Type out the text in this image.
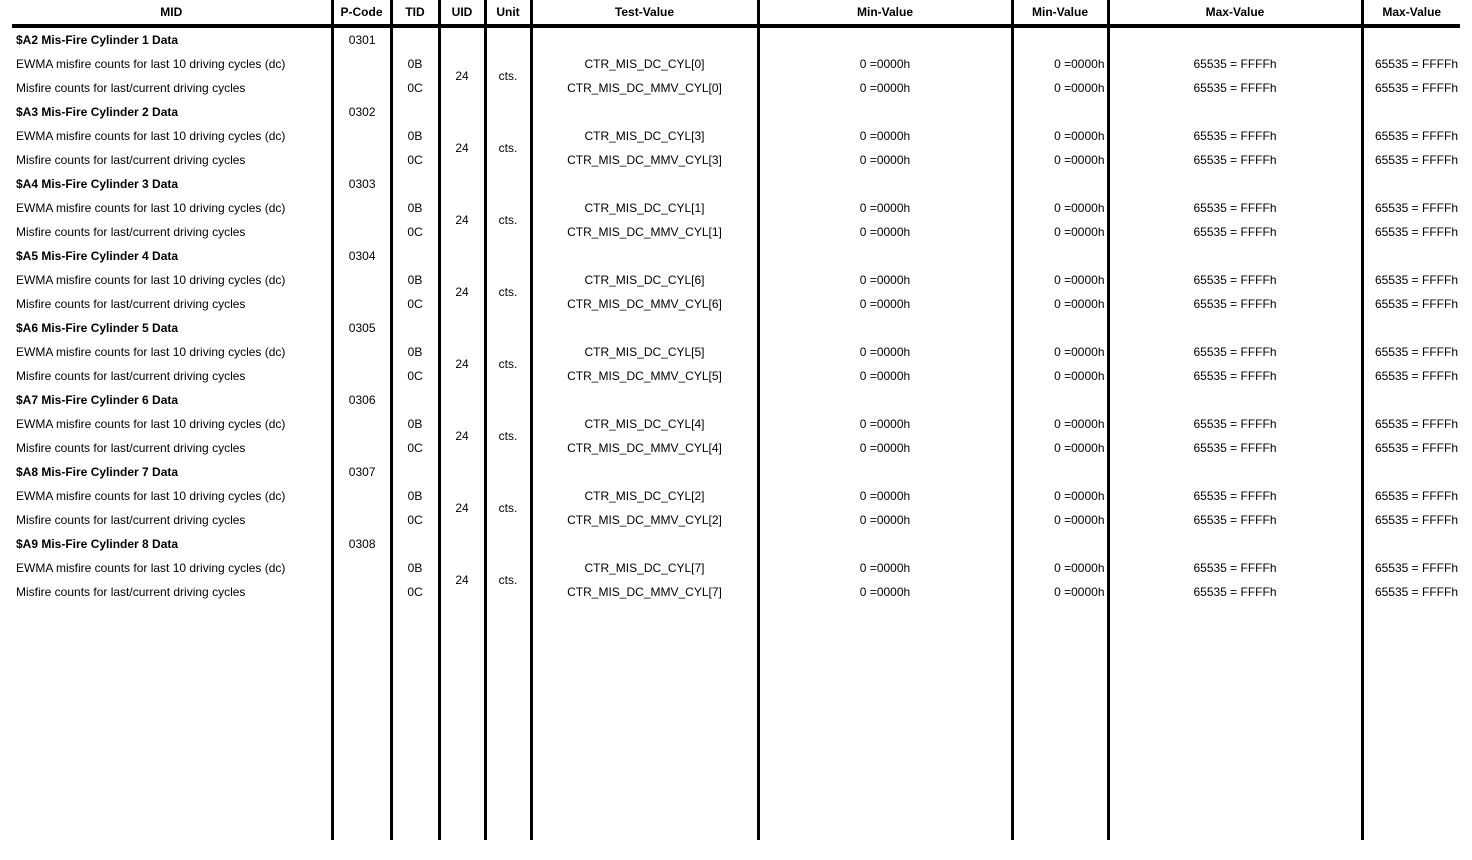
MID	P-Code	TID	UID	Unit	Test-Value	Min-Value	Min-Value	Max-Value	Max-Value
$A2 Mis-Fire Cylinder 1 Data	0301								
EWMA misfire counts for last 10 driving cycles (dc)		0B	24	cts.	CTR_MIS_DC_CYL[0]	0 =0000h	0 =0000h	65535 = FFFFh	65535 = FFFFh
Misfire counts for last/current driving cycles		0C			CTR_MIS_DC_MMV_CYL[0]	0 =0000h	0 =0000h	65535 = FFFFh	65535 = FFFFh
$A3 Mis-Fire Cylinder 2 Data	0302								
EWMA misfire counts for last 10 driving cycles (dc)		0B	24	cts.	CTR_MIS_DC_CYL[3]	0 =0000h	0 =0000h	65535 = FFFFh	65535 = FFFFh
Misfire counts for last/current driving cycles		0C			CTR_MIS_DC_MMV_CYL[3]	0 =0000h	0 =0000h	65535 = FFFFh	65535 = FFFFh
$A4 Mis-Fire Cylinder 3 Data	0303								
EWMA misfire counts for last 10 driving cycles (dc)		0B	24	cts.	CTR_MIS_DC_CYL[1]	0 =0000h	0 =0000h	65535 = FFFFh	65535 = FFFFh
Misfire counts for last/current driving cycles		0C			CTR_MIS_DC_MMV_CYL[1]	0 =0000h	0 =0000h	65535 = FFFFh	65535 = FFFFh
$A5 Mis-Fire Cylinder 4 Data	0304								
EWMA misfire counts for last 10 driving cycles (dc)		0B	24	cts.	CTR_MIS_DC_CYL[6]	0 =0000h	0 =0000h	65535 = FFFFh	65535 = FFFFh
Misfire counts for last/current driving cycles		0C			CTR_MIS_DC_MMV_CYL[6]	0 =0000h	0 =0000h	65535 = FFFFh	65535 = FFFFh
$A6 Mis-Fire Cylinder 5 Data	0305								
EWMA misfire counts for last 10 driving cycles (dc)		0B	24	cts.	CTR_MIS_DC_CYL[5]	0 =0000h	0 =0000h	65535 = FFFFh	65535 = FFFFh
Misfire counts for last/current driving cycles		0C			CTR_MIS_DC_MMV_CYL[5]	0 =0000h	0 =0000h	65535 = FFFFh	65535 = FFFFh
$A7 Mis-Fire Cylinder 6 Data	0306								
EWMA misfire counts for last 10 driving cycles (dc)		0B	24	cts.	CTR_MIS_DC_CYL[4]	0 =0000h	0 =0000h	65535 = FFFFh	65535 = FFFFh
Misfire counts for last/current driving cycles		0C			CTR_MIS_DC_MMV_CYL[4]	0 =0000h	0 =0000h	65535 = FFFFh	65535 = FFFFh
$A8 Mis-Fire Cylinder 7 Data	0307								
EWMA misfire counts for last 10 driving cycles (dc)		0B	24	cts.	CTR_MIS_DC_CYL[2]	0 =0000h	0 =0000h	65535 = FFFFh	65535 = FFFFh
Misfire counts for last/current driving cycles		0C			CTR_MIS_DC_MMV_CYL[2]	0 =0000h	0 =0000h	65535 = FFFFh	65535 = FFFFh
$A9 Mis-Fire Cylinder 8 Data	0308								
EWMA misfire counts for last 10 driving cycles (dc)		0B	24	cts.	CTR_MIS_DC_CYL[7]	0 =0000h	0 =0000h	65535 = FFFFh	65535 = FFFFh
Misfire counts for last/current driving cycles		0C			CTR_MIS_DC_MMV_CYL[7]	0 =0000h	0 =0000h	65535 = FFFFh	65535 = FFFFh
